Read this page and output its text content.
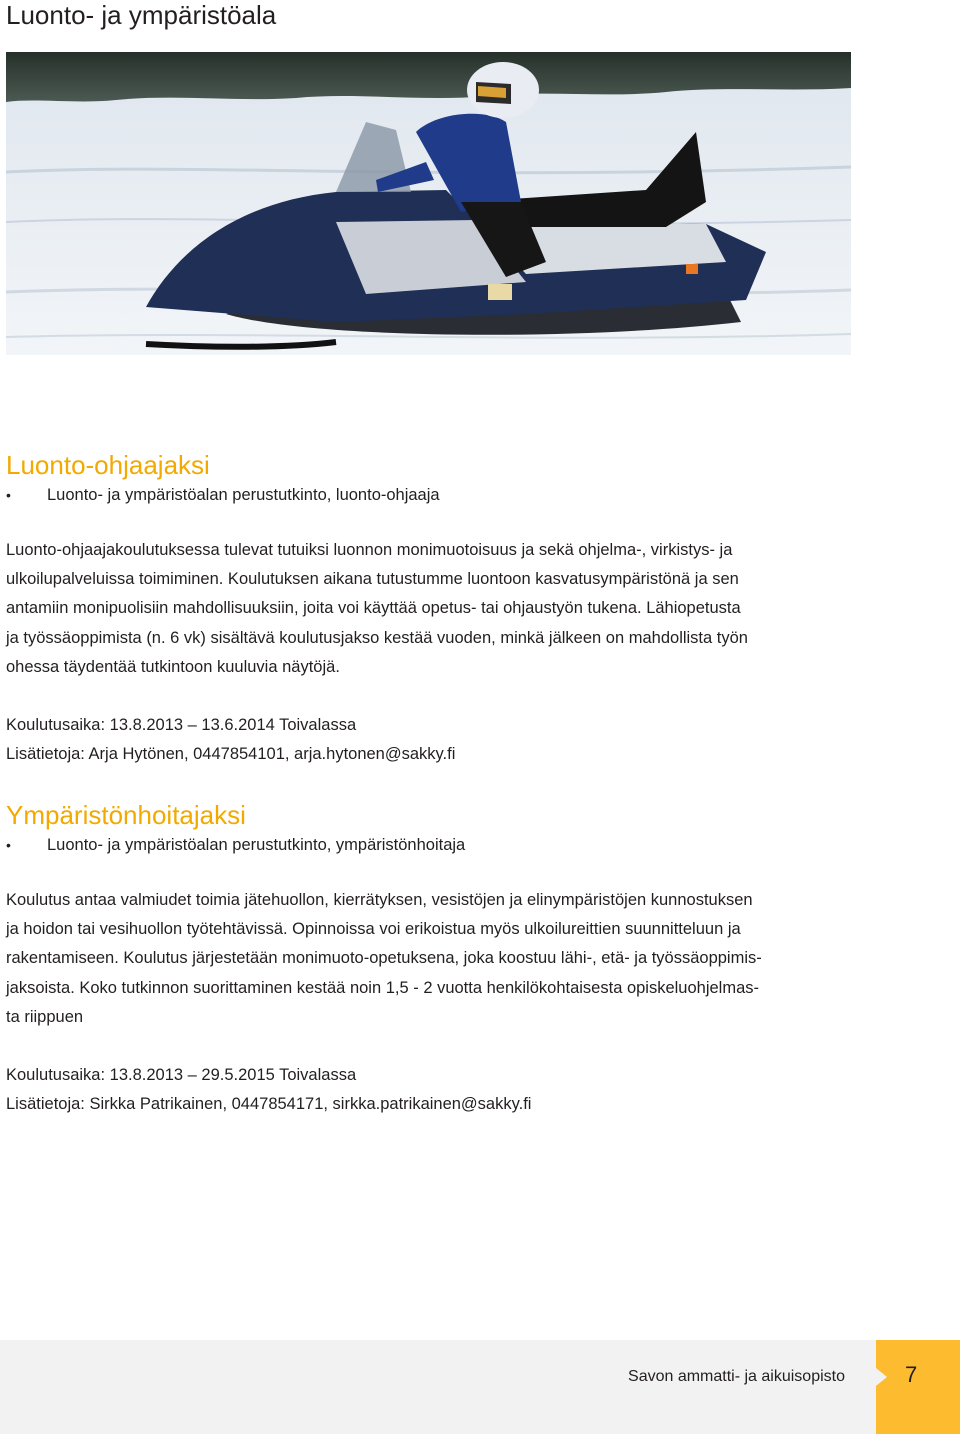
Luonto- ja ympäristöala
Luonto-ohjaajaksi
•	Luonto- ja ympäristöalan perustutkinto, luonto-ohjaaja

Luonto-ohjaajakoulutuksessa tulevat tutuiksi luonnon monimuotoisuus ja sekä ohjelma-, virkistys- ja
ulkoilupalveluissa toimiminen. Koulutuksen aikana tutustumme luontoon kasvatusympäristönä ja sen
antamiin monipuolisiin mahdollisuuksiin, joita voi käyttää opetus- tai ohjaustyön tukena. Lähiopetusta
ja työssäoppimista (n. 6 vk) sisältävä koulutusjakso kestää vuoden, minkä jälkeen on mahdollista työn
ohessa täydentää tutkintoon kuuluvia näytöjä.

Koulutusaika: 13.8.2013 – 13.6.2014 Toivalassa

Lisätietoja: Arja Hytönen, 0447854101, arja.hytonen@sakky.fi

Ympäristönhoitajaksi
•	Luonto- ja ympäristöalan perustutkinto, ympäristönhoitaja

Koulutus antaa valmiudet toimia jätehuollon, kierrätyksen, vesistöjen ja elinympäristöjen kunnostuksen
ja hoidon tai vesihuollon työtehtävissä. Opinnoissa voi erikoistua myös ulkoilureittien suunnitteluun ja
rakentamiseen. Koulutus järjestetään monimuoto-opetuksena, joka koostuu lähi-, etä- ja työssäoppimis-
jaksoista. Koko tutkinnon suorittaminen kestää noin 1,5 - 2 vuotta henkilökohtaisesta opiskeluohjelmas-
ta riippuen

Koulutusaika: 13.8.2013 – 29.5.2015 Toivalassa

Lisätietoja: Sirkka Patrikainen, 0447854171, sirkka.patrikainen@sakky.fi

Savon ammatti- ja aikuisopisto	7
